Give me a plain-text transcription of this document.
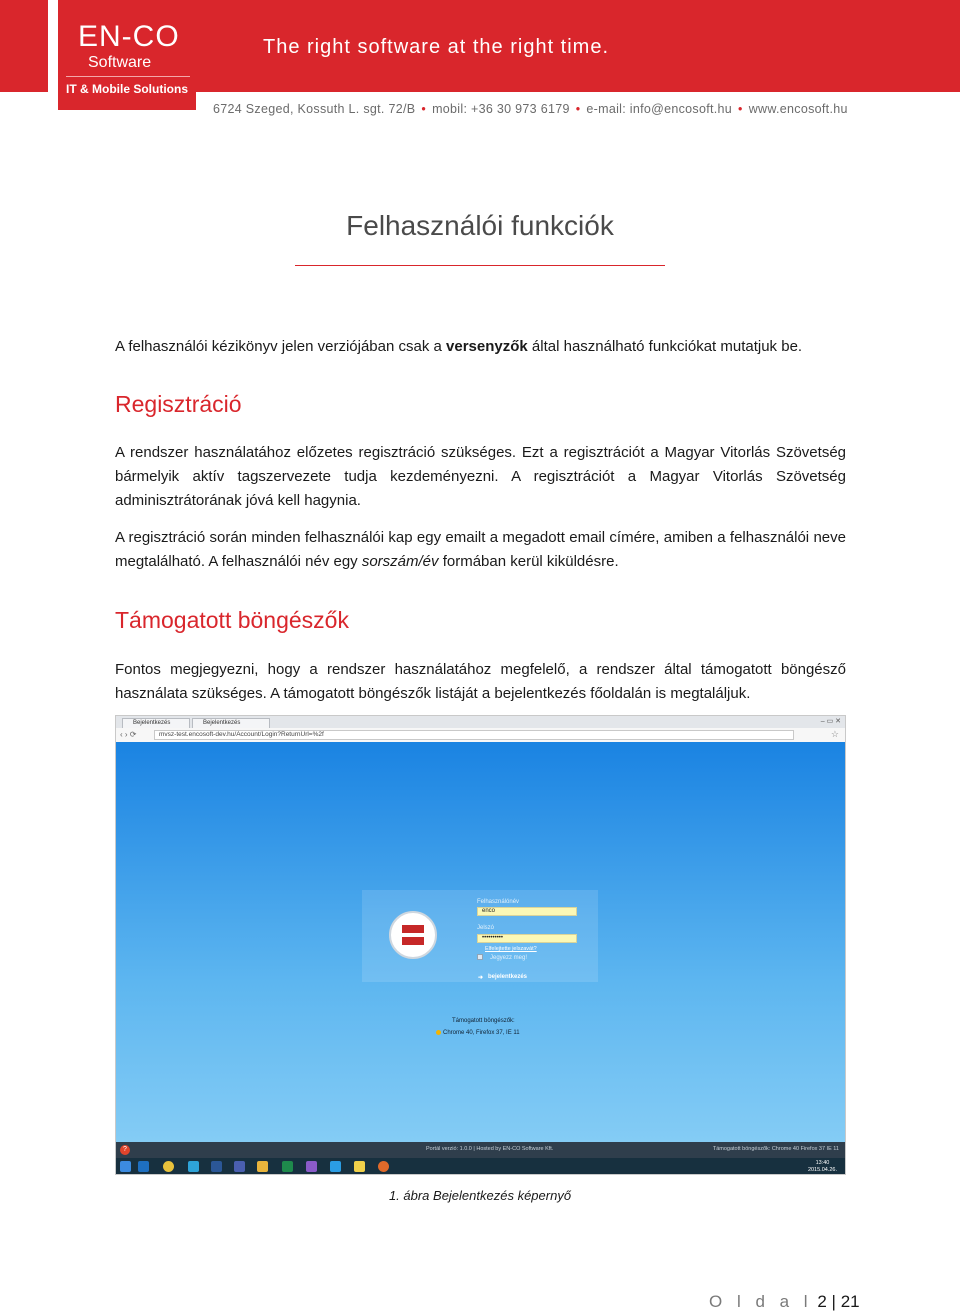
EN-CO
Software
IT & Mobile Solutions
The right software at the right time.
6724 Szeged, Kossuth L. sgt. 72/B • mobil: +36 30 973 6179 • e-mail: info@encosoft.hu • www.encosoft.hu
Felhasználói funkciók
A felhasználói kézikönyv jelen verziójában csak a versenyzők által használható funkciókat mutatjuk be.
Regisztráció
A rendszer használatához előzetes regisztráció szükséges. Ezt a regisztrációt a Magyar Vitorlás Szövetség bármelyik aktív tagszervezete tudja kezdeményezni. A regisztrációt a Magyar Vitorlás Szövetség adminisztrátorának jóvá kell hagynia.
A regisztráció során minden felhasználói kap egy emailt a megadott email címére, amiben a felhasználói neve megtalálható. A felhasználói név egy sorszám/év formában kerül kiküldésre.
Támogatott böngészők
Fontos megjegyezni, hogy a rendszer használatához megfelelő, a rendszer által támogatott böngésző használata szükséges. A támogatott böngészők listáját a bejelentkezés főoldalán is megtaláljuk.
Bejelentkezés	Bejelentkezés	– ▭ ✕
‹ › ⟳	mvsz-test.encosoft-dev.hu/Account/Login?ReturnUrl=%2f	☆
Felhasználónév
enco
Jelszó
••••••••••
Elfelejtette jelszavát?
Jegyezz meg!
➜ bejelentkezés
Támogatott böngészők:
Chrome 40, Firefox 37, IE 11
?	Portál verzió: 1.0.0 | Hosted by EN-CO Software Kft.	Támogatott böngészők: Chrome 40 Firefox 37 IE 11
13:40
2015.04.26.
1. ábra Bejelentkezés képernyő
O l d a l 2 | 21
